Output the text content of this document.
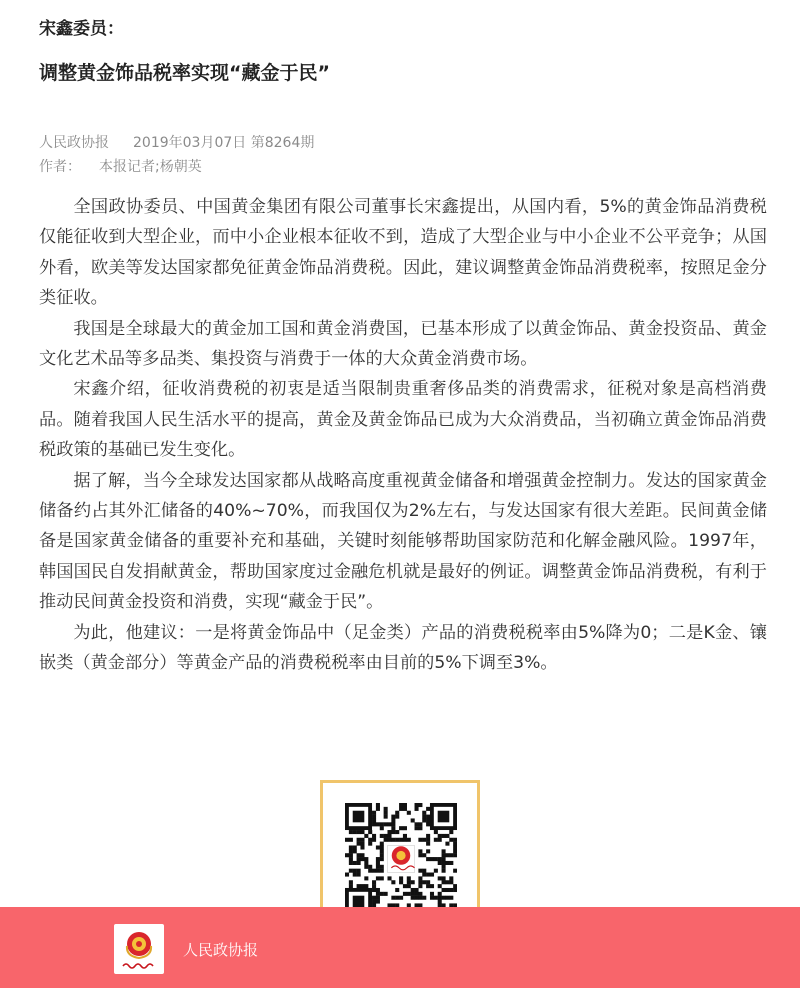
宋鑫委员：
调整黄金饰品税率实现“藏金于民”
人民政协报 2019年03月07日 第8264期
作者： 本报记者;杨朝英

全国政协委员、中国黄金集团有限公司董事长宋鑫提出，从国内看，5%的黄金饰品消费税仅能征收到大型企业，而中小企业根本征收不到，造成了大型企业与中小企业不公平竞争；从国外看，欧美等发达国家都免征黄金饰品消费税。因此，建议调整黄金饰品消费税率，按照足金分类征收。

我国是全球最大的黄金加工国和黄金消费国，已基本形成了以黄金饰品、黄金投资品、黄金文化艺术品等多品类、集投资与消费于一体的大众黄金消费市场。

宋鑫介绍，征收消费税的初衷是适当限制贵重奢侈品类的消费需求，征税对象是高档消费品。随着我国人民生活水平的提高，黄金及黄金饰品已成为大众消费品，当初确立黄金饰品消费税政策的基础已发生变化。

据了解，当今全球发达国家都从战略高度重视黄金储备和增强黄金控制力。发达的国家黄金储备约占其外汇储备的40%~70%，而我国仅为2%左右，与发达国家有很大差距。民间黄金储备是国家黄金储备的重要补充和基础，关键时刻能够帮助国家防范和化解金融风险。1997年，韩国国民自发捐献黄金，帮助国家度过金融危机就是最好的例证。调整黄金饰品消费税，有利于推动民间黄金投资和消费，实现“藏金于民”。

为此，他建议：一是将黄金饰品中（足金类）产品的消费税税率由5%降为0；二是K金、镶嵌类（黄金部分）等黄金产品的消费税税率由目前的5%下调至3%。

人民政协报
